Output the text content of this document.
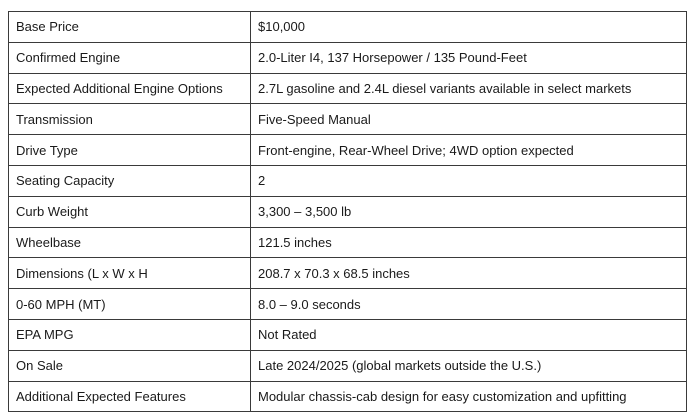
Base Price	$10,000
Confirmed Engine	2.0-Liter I4, 137 Horsepower / 135 Pound-Feet
Expected Additional Engine Options	2.7L gasoline and 2.4L diesel variants available in select markets
Transmission	Five-Speed Manual
Drive Type	Front-engine, Rear-Wheel Drive; 4WD option expected
Seating Capacity	2
Curb Weight	3,300 – 3,500 lb
Wheelbase	121.5 inches
Dimensions (L x W x H	208.7 x 70.3 x 68.5 inches
0-60 MPH (MT)	8.0 – 9.0 seconds
EPA MPG	Not Rated
On Sale	Late 2024/2025 (global markets outside the U.S.)
Additional Expected Features	Modular chassis-cab design for easy customization and upfitting
